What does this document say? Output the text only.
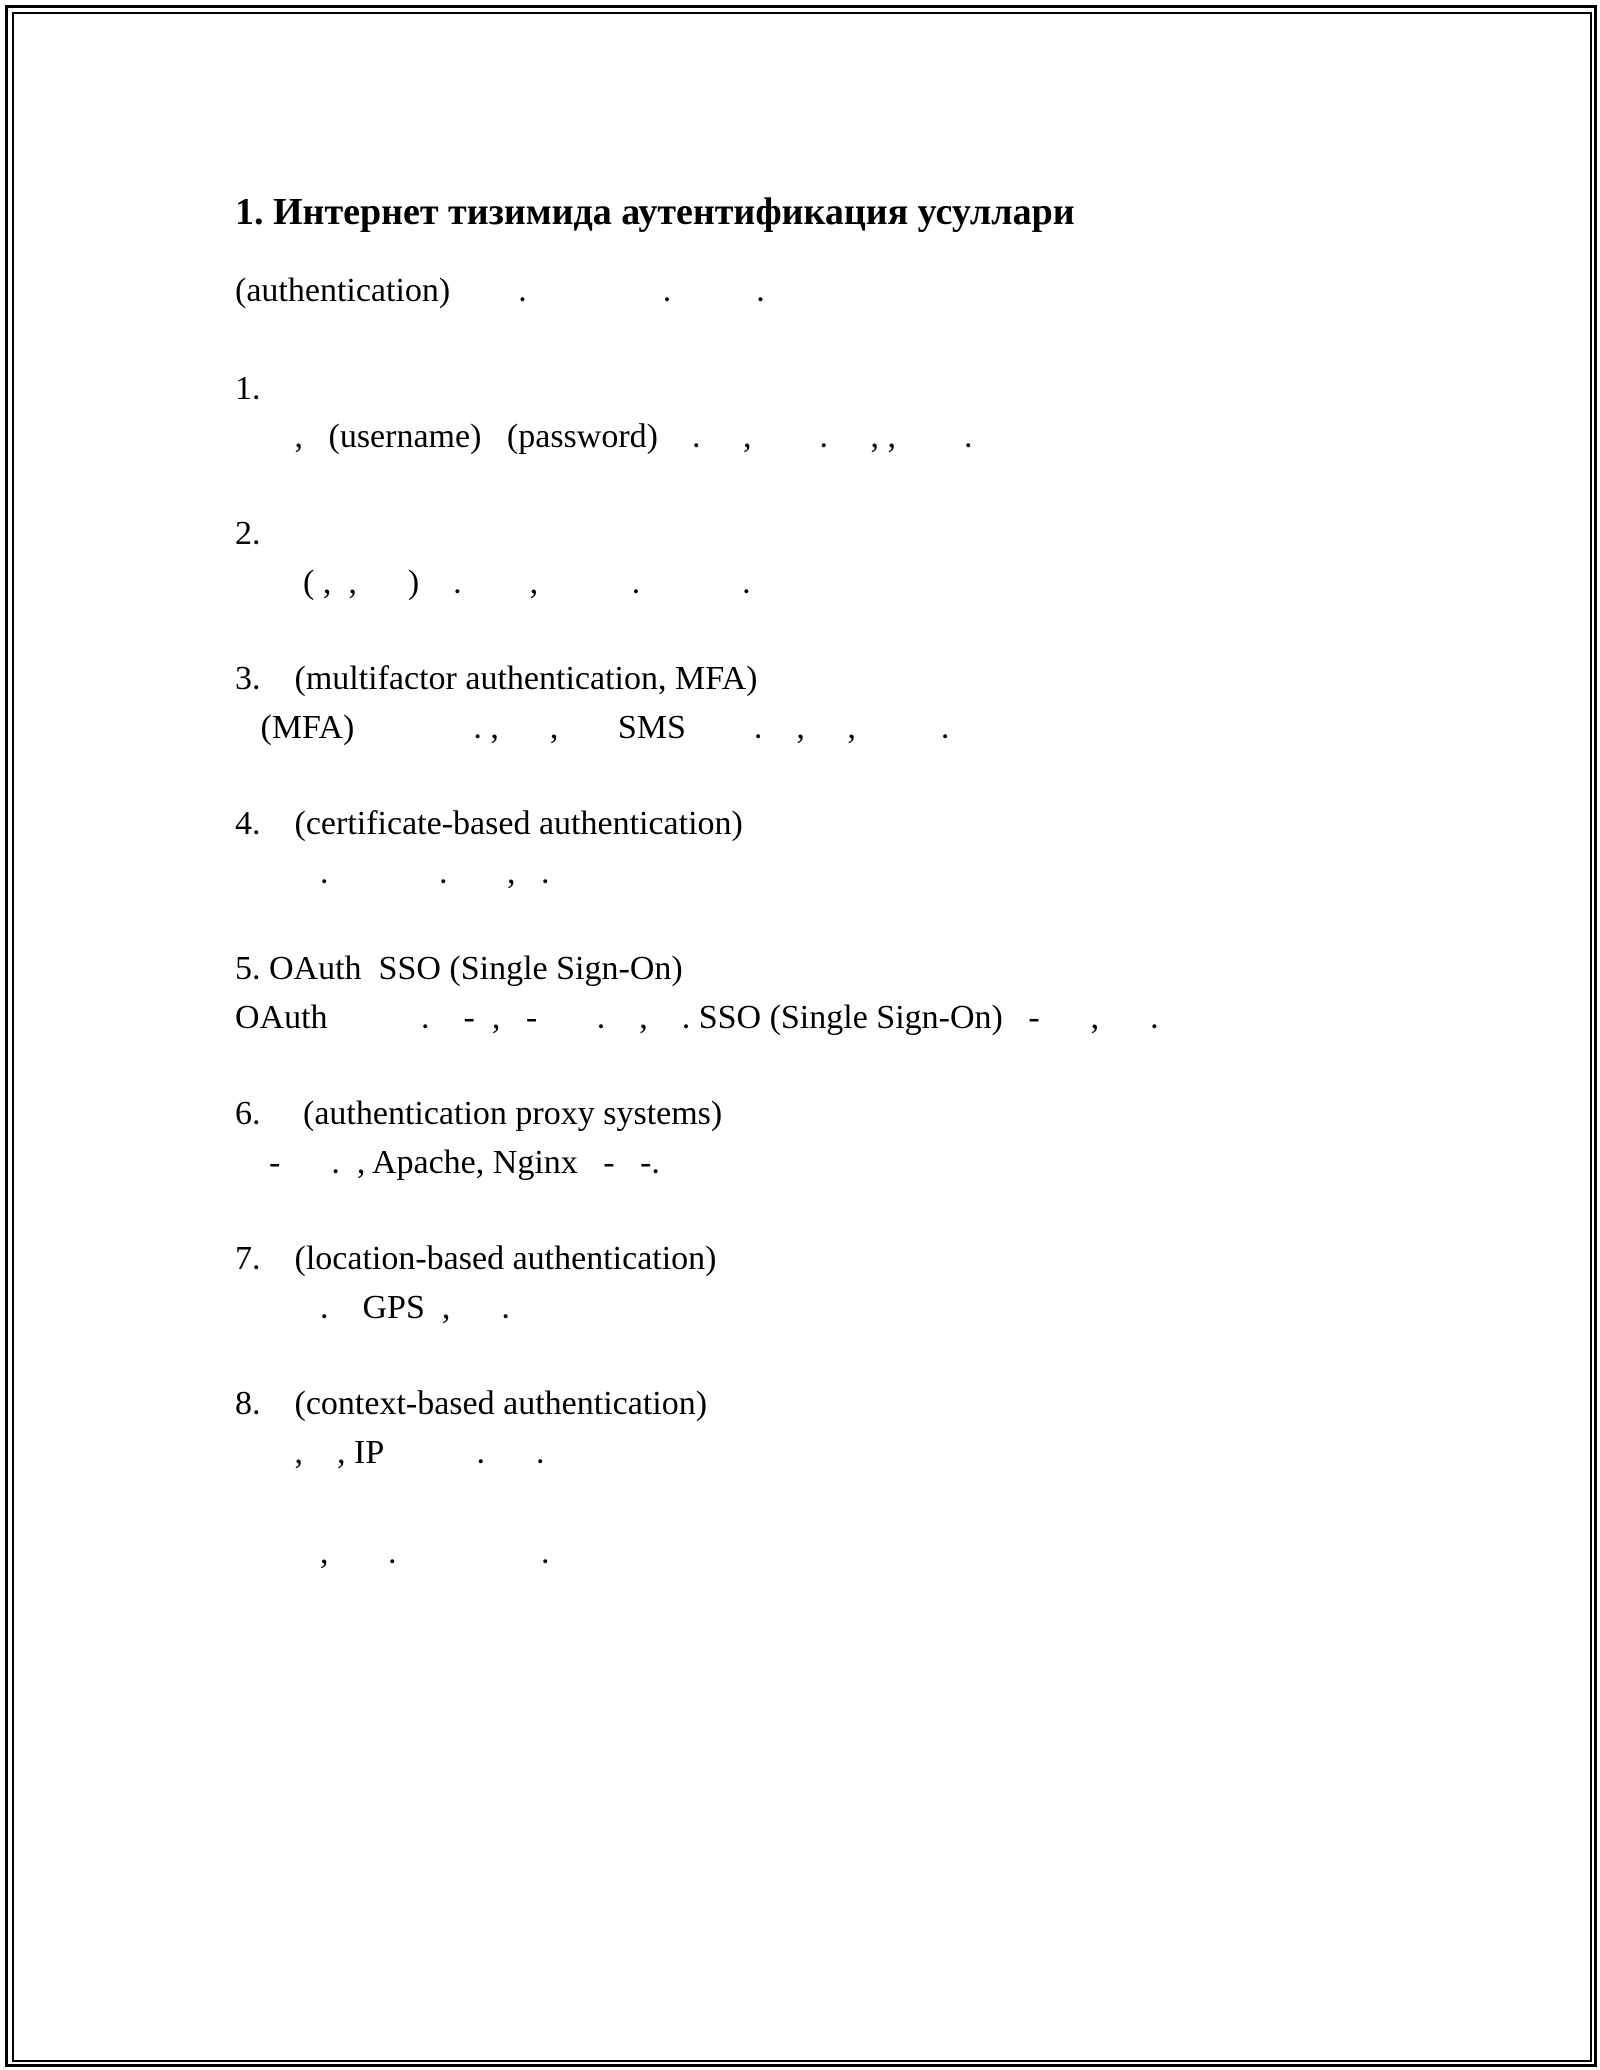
1. Интернет тизимида аутентификация усуллари
(authentication)        .                .          .
1.
,   (username)   (password)    .     ,        .     , ,        .
2.
( ,  ,      )    .        ,           .            .
3.    (multifactor authentication, MFA)
(MFA)              . ,      ,       SMS        .    ,     ,          .
4.    (certificate-based authentication)
.             .       ,   .
5. OAuth  SSO (Single Sign-On)
OAuth           .    -  ,   -       .    ,    . SSO (Single Sign-On)   -      ,      .
6.     (authentication proxy systems)
-      .  , Apache, Nginx   -   -.
7.    (location-based authentication)
.    GPS  ,      .
8.    (context-based authentication)
,    , IP           .      .
,       .                 .
